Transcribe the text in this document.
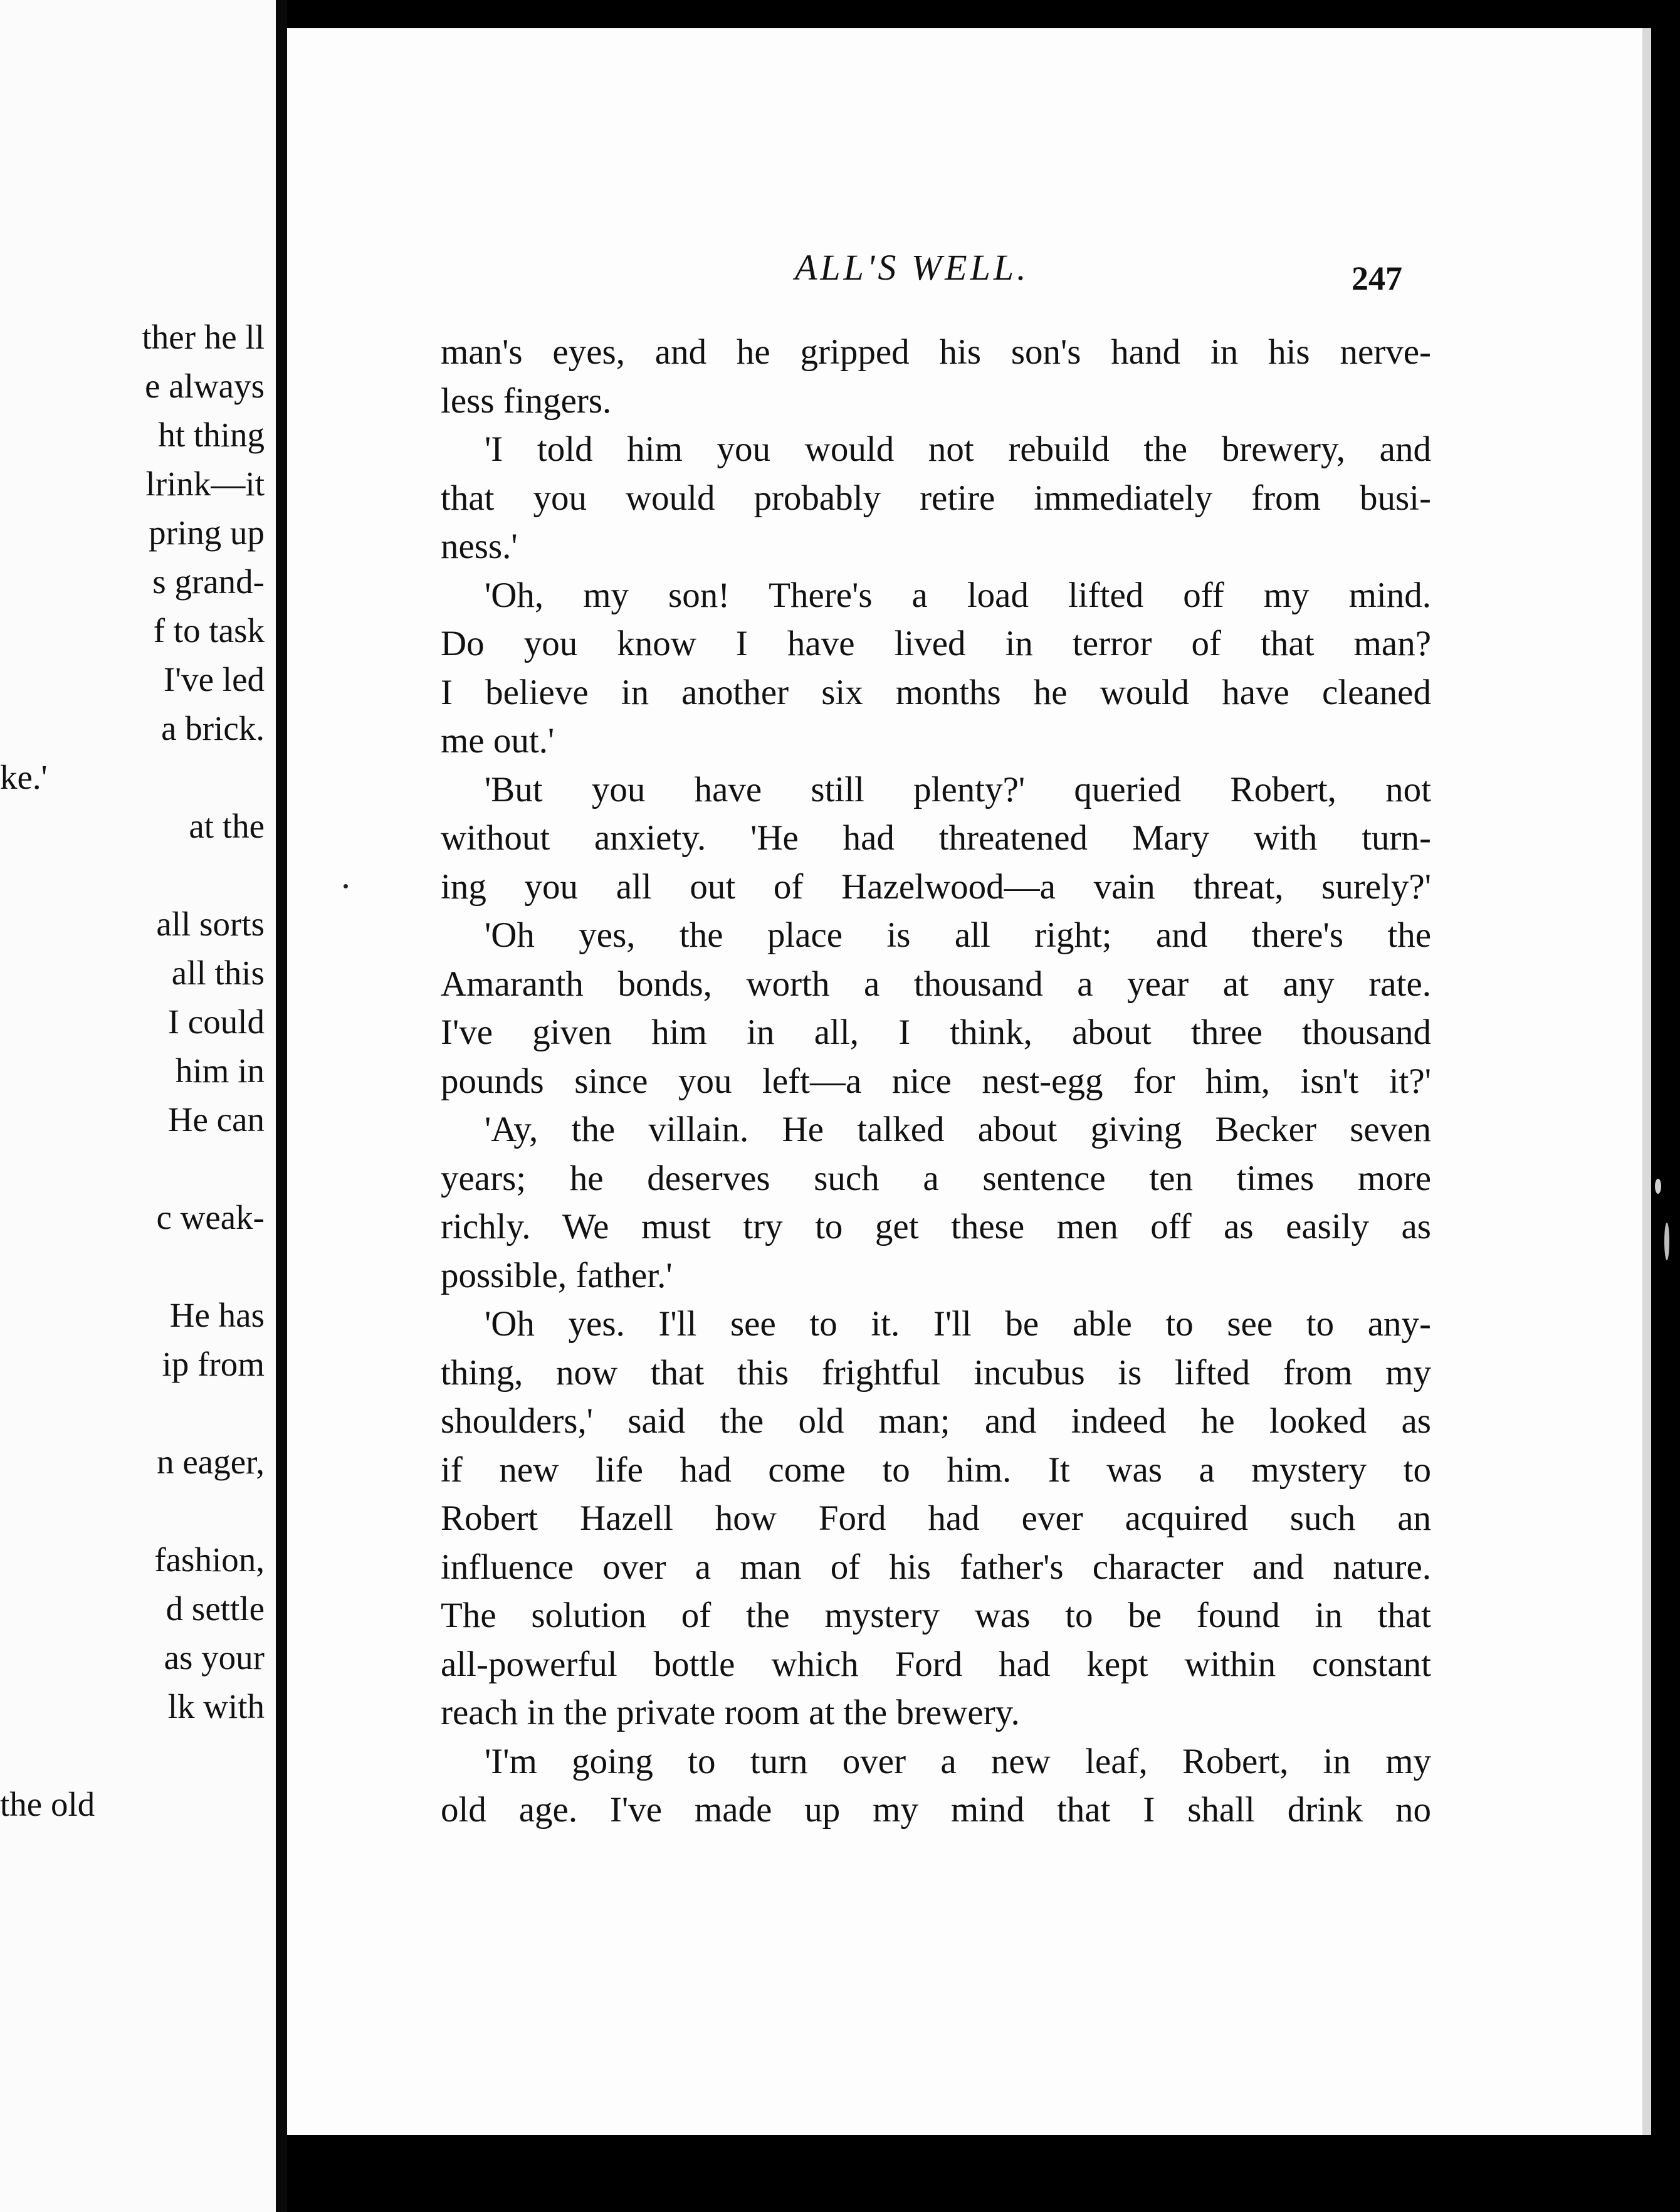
ther he ll
e always
ht thing
lrink—it
pring up
s grand-
f to task
I've led
a brick.
ke.'
at the
all sorts
all this
I could
him in
He can
c weak-
He has
ip from
n eager,
fashion,
d settle
as your
lk with
the old
ALL'S WELL.	247
man's eyes, and he gripped his son's hand in his nerve-
less fingers.
'I told him you would not rebuild the brewery, and
that you would probably retire immediately from busi-
ness.'
'Oh, my son! There's a load lifted off my mind.
Do you know I have lived in terror of that man?
I believe in another six months he would have cleaned
me out.'
'But you have still plenty?' queried Robert, not
without anxiety. 'He had threatened Mary with turn-
ing you all out of Hazelwood—a vain threat, surely?'
'Oh yes, the place is all right; and there's the
Amaranth bonds, worth a thousand a year at any rate.
I've given him in all, I think, about three thousand
pounds since you left—a nice nest-egg for him, isn't it?'
'Ay, the villain. He talked about giving Becker seven
years; he deserves such a sentence ten times more
richly. We must try to get these men off as easily as
possible, father.'
'Oh yes. I'll see to it. I'll be able to see to any-
thing, now that this frightful incubus is lifted from my
shoulders,' said the old man; and indeed he looked as
if new life had come to him. It was a mystery to
Robert Hazell how Ford had ever acquired such an
influence over a man of his father's character and nature.
The solution of the mystery was to be found in that
all-powerful bottle which Ford had kept within constant
reach in the private room at the brewery.
'I'm going to turn over a new leaf, Robert, in my
old age. I've made up my mind that I shall drink no
